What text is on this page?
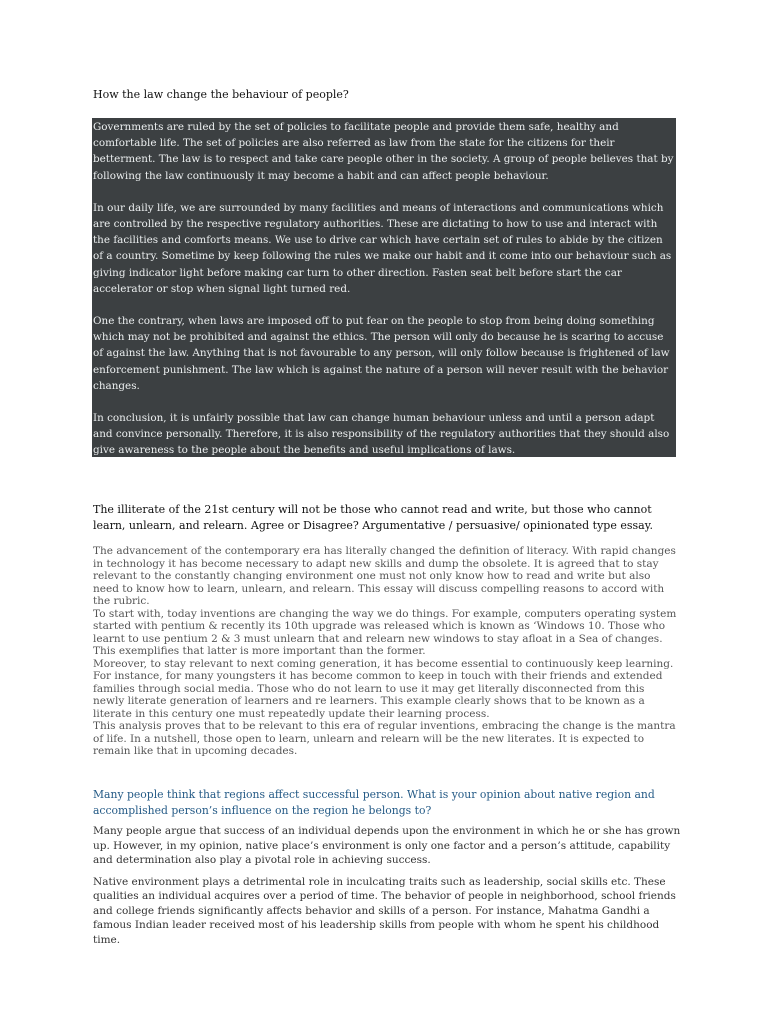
How the law change the behaviour of people?

Governments are ruled by the set of policies to facilitate people and provide them safe, healthy and comfortable life. The set of policies are also referred as law from the state for the citizens for their betterment. The law is to respect and take care people other in the society. A group of people believes that by following the law continuously it may become a habit and can affect people behaviour.

In our daily life, we are surrounded by many facilities and means of interactions and communications which are controlled by the respective regulatory authorities. These are dictating to how to use and interact with the facilities and comforts means. We use to drive car which have certain set of rules to abide by the citizen of a country. Sometime by keep following the rules we make our habit and it come into our behaviour such as giving indicator light before making car turn to other direction. Fasten seat belt before start the car accelerator or stop when signal light turned red.

One the contrary, when laws are imposed off to put fear on the people to stop from being doing something which may not be prohibited and against the ethics. The person will only do because he is scaring to accuse of against the law. Anything that is not favourable to any person, will only follow because is frightened of law enforcement punishment. The law which is against the nature of a person will never result with the behavior changes.

In conclusion, it is unfairly possible that law can change human behaviour unless and until a person adapt and convince personally. Therefore, it is also responsibility of the regulatory authorities that they should also give awareness to the people about the benefits and useful implications of laws.

The illiterate of the 21st century will not be those who cannot read and write, but those who cannot learn, unlearn, and relearn. Agree or Disagree? Argumentative / persuasive/ opinionated type essay.

The advancement of the contemporary era has literally changed the definition of literacy. With rapid changes in technology it has become necessary to adapt new skills and dump the obsolete. It is agreed that to stay relevant to the constantly changing environment one must not only know how to read and write but also need to know how to learn, unlearn, and relearn. This essay will discuss compelling reasons to accord with the rubric.

To start with, today inventions are changing the way we do things. For example, computers operating system started with pentium & recently its 10th upgrade was released which is known as ‘Windows 10. Those who learnt to use pentium 2 & 3 must unlearn that and relearn new windows to stay afloat in a Sea of changes. This exemplifies that latter is more important than the former.

Moreover, to stay relevant to next coming generation, it has become essential to continuously keep learning. For instance, for many youngsters it has become common to keep in touch with their friends and extended families through social media. Those who do not learn to use it may get literally disconnected from this newly literate generation of learners and re learners. This example clearly shows that to be known as a literate in this century one must repeatedly update their learning process.

This analysis proves that to be relevant to this era of regular inventions, embracing the change is the mantra of life. In a nutshell, those open to learn, unlearn and relearn will be the new literates. It is expected to remain like that in upcoming decades.

Many people think that regions affect successful person. What is your opinion about native region and accomplished person’s influence on the region he belongs to?

Many people argue that success of an individual depends upon the environment in which he or she has grown up. However, in my opinion, native place’s environment is only one factor and a person’s attitude, capability and determination also play a pivotal role in achieving success.

Native environment plays a detrimental role in inculcating traits such as leadership, social skills etc. These qualities an individual acquires over a period of time. The behavior of people in neighborhood, school friends and college friends significantly affects behavior and skills of a person. For instance, Mahatma Gandhi a famous Indian leader received most of his leadership skills from people with whom he spent his childhood time.
